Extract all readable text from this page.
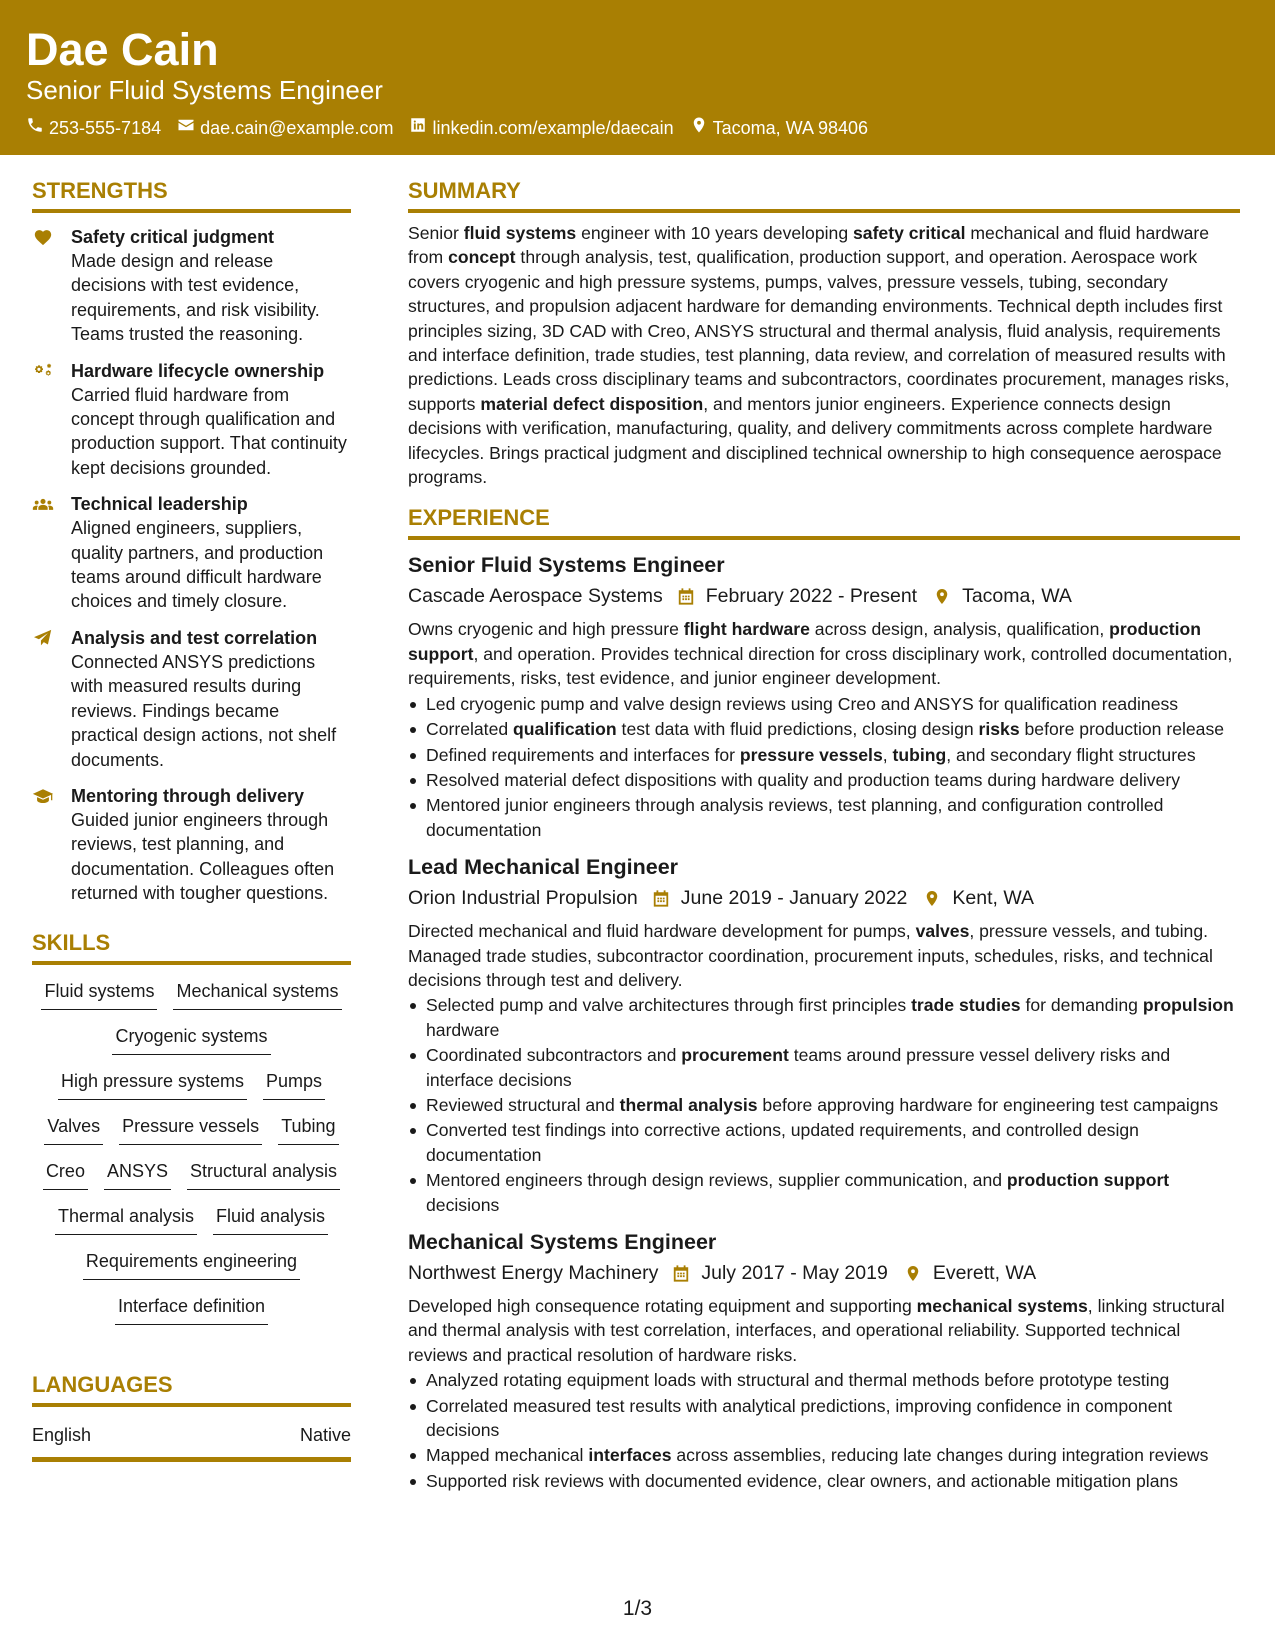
Dae Cain
Senior Fluid Systems Engineer
253-555-7184 dae.cain@example.com linkedin.com/example/daecain Tacoma, WA 98406
STRENGTHS
Safety critical judgment
Made design and release decisions with test evidence, requirements, and risk visibility. Teams trusted the reasoning.
Hardware lifecycle ownership
Carried fluid hardware from concept through qualification and production support. That continuity kept decisions grounded.
Technical leadership
Aligned engineers, suppliers, quality partners, and production teams around difficult hardware choices and timely closure.
Analysis and test correlation
Connected ANSYS predictions with measured results during reviews. Findings became practical design actions, not shelf documents.
Mentoring through delivery
Guided junior engineers through reviews, test planning, and documentation. Colleagues often returned with tougher questions.
SKILLS
Fluid systems Mechanical systems
Cryogenic systems
High pressure systems Pumps
Valves Pressure vessels Tubing
Creo ANSYS Structural analysis
Thermal analysis Fluid analysis
Requirements engineering
Interface definition
LANGUAGES
English	Native
SUMMARY
Senior fluid systems engineer with 10 years developing safety critical mechanical and fluid hardware from concept through analysis, test, qualification, production support, and operation. Aerospace work covers cryogenic and high pressure systems, pumps, valves, pressure vessels, tubing, secondary structures, and propulsion adjacent hardware for demanding environments. Technical depth includes first principles sizing, 3D CAD with Creo, ANSYS structural and thermal analysis, fluid analysis, requirements and interface definition, trade studies, test planning, data review, and correlation of measured results with predictions. Leads cross disciplinary teams and subcontractors, coordinates procurement, manages risks, supports material defect disposition, and mentors junior engineers. Experience connects design decisions with verification, manufacturing, quality, and delivery commitments across complete hardware lifecycles. Brings practical judgment and disciplined technical ownership to high consequence aerospace programs.
EXPERIENCE
Senior Fluid Systems Engineer
Cascade Aerospace Systems February 2022 - Present Tacoma, WA
Owns cryogenic and high pressure flight hardware across design, analysis, qualification, production support, and operation. Provides technical direction for cross disciplinary work, controlled documentation, requirements, risks, test evidence, and junior engineer development.
Led cryogenic pump and valve design reviews using Creo and ANSYS for qualification readiness
Correlated qualification test data with fluid predictions, closing design risks before production release
Defined requirements and interfaces for pressure vessels, tubing, and secondary flight structures
Resolved material defect dispositions with quality and production teams during hardware delivery
Mentored junior engineers through analysis reviews, test planning, and configuration controlled documentation
Lead Mechanical Engineer
Orion Industrial Propulsion June 2019 - January 2022 Kent, WA
Directed mechanical and fluid hardware development for pumps, valves, pressure vessels, and tubing. Managed trade studies, subcontractor coordination, procurement inputs, schedules, risks, and technical decisions through test and delivery.
Selected pump and valve architectures through first principles trade studies for demanding propulsion hardware
Coordinated subcontractors and procurement teams around pressure vessel delivery risks and interface decisions
Reviewed structural and thermal analysis before approving hardware for engineering test campaigns
Converted test findings into corrective actions, updated requirements, and controlled design documentation
Mentored engineers through design reviews, supplier communication, and production support decisions
Mechanical Systems Engineer
Northwest Energy Machinery July 2017 - May 2019 Everett, WA
Developed high consequence rotating equipment and supporting mechanical systems, linking structural and thermal analysis with test correlation, interfaces, and operational reliability. Supported technical reviews and practical resolution of hardware risks.
Analyzed rotating equipment loads with structural and thermal methods before prototype testing
Correlated measured test results with analytical predictions, improving confidence in component decisions
Mapped mechanical interfaces across assemblies, reducing late changes during integration reviews
Supported risk reviews with documented evidence, clear owners, and actionable mitigation plans
1/3
